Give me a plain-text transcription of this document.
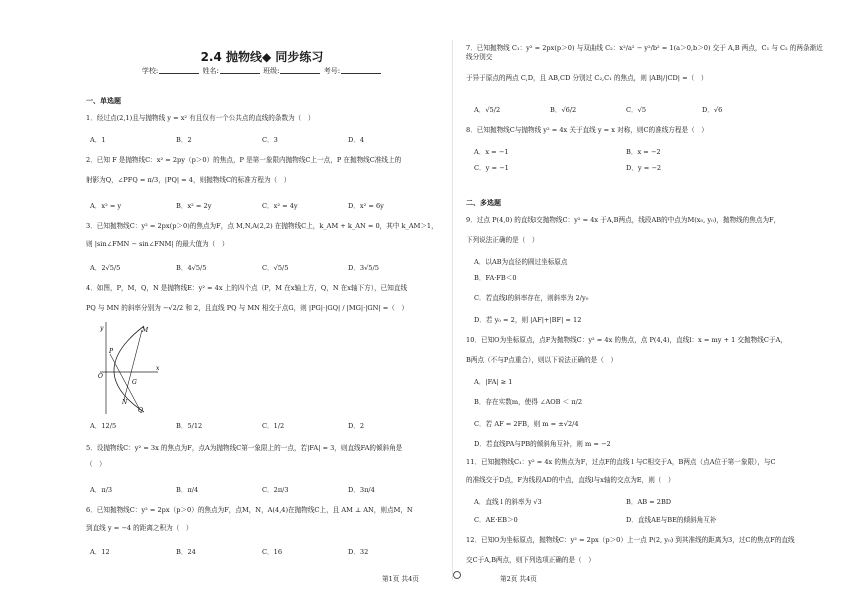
2.4 抛物线◆ 同步练习
学校:	姓名:	班级:	考号:
一、单选题
1．经过点(2,1)且与抛物线 y = x² 有且仅有一个公共点的直线的条数为（　）
A．1	B．2	C．3	D．4
2．已知 F 是抛物线C：x² = 2py（p＞0）的焦点，P 是第一象限内抛物线C上一点，P 在抛物线C准线上的
射影为Q，∠PFQ = π/3，|PQ| = 4，则抛物线C的标准方程为（　）
A．x² = y	B．x² = 2y	C．x² = 4y	D．x² = 6y
3．已知抛物线C：y² = 2px(p＞0)的焦点为F，点 M,N,A(2,2) 在抛物线C上，k_AM + k_AN = 0，其中 k_AM＞1，
则 |sin∠FMN − sin∠FNM| 的最大值为（　）
A．2√5/5	B．4√5/5	C．√5/5	D．3√5/5
4．如图，P，M，Q，N 是抛物线E：y² = 4x 上的四个点（P，M 在x轴上方，Q，N 在x轴下方），已知直线
PQ 与 MN 的斜率分别为 −√2/2 和 2，且直线 PQ 与 MN 相交于点G，则 |PG|·|GQ| / |MG|·|GN| =（　）
y	M
P
O
x
G
N
Q
A．12/5	B．5/12	C．1/2	D．2
5．设抛物线C：y² = 3x 的焦点为F，点A为抛物线C第一象限上的一点，若|FA| = 3，则直线FA的倾斜角是
（　）
A．π/3	B．π/4	C．2π/3	D．3π/4
6．已知抛物线C：y² = 2px（p＞0）的焦点为F，点M，N，A(4,4)在抛物线C上，且 AM ⊥ AN，则点M，N
到直线 y = −4 的距离之积为（　）
A．12	B．24	C．16	D．32
第1页 共4页
7．已知抛物线 C₁：y² = 2px(p＞0) 与双曲线 C₂：x²/a² − y²/b² = 1(a＞0,b＞0) 交于 A,B 两点，C₁ 与 C₂ 的两条渐近线分别交
于异于原点的两点 C,D，且 AB,CD 分别过 C₂,C₁ 的焦点，则 |AB|/|CD| =（　）
A．√5/2	B．√6/2	C．√5	D．√6
8．已知抛物线C与抛物线 y² = 4x 关于直线 y = x 对称，则C的准线方程是（　）
A．x = −1	B．x = −2
C．y = −1	D．y = −2
二、多选题
9．过点 P(4,0) 的直线l交抛物线C：y² = 4x 于A,B两点，线段AB的中点为M(x₀, y₀)，抛物线的焦点为F，
下列说法正确的是（　）
A．以AB为直径的圆过坐标原点
B．FA·FB＜0
C．若直线l的斜率存在，则斜率为 2/y₀
D．若 y₀ = 2，则 |AF|+|BF| = 12
10．已知O为坐标原点，点F为抛物线C：y² = 4x 的焦点，点 P(4,4)，直线l：x = my + 1 交抛物线C于A，
B两点（不与P点重合），则以下说法正确的是（　）
A．|FA| ≥ 1
B．存在实数m，使得 ∠AOB ＜ π/2
C．若 AF = 2FB，则 m = ±√2/4
D．若直线PA与PB的倾斜角互补，则 m = −2
11．已知抛物线C₁：y² = 4x 的焦点为F，过点F的直线 l 与C相交于A，B两点（点A位于第一象限），与C
的准线交于D点，F为线段AD的中点，直线l与x轴的交点为E，则（　）
A．直线 l 的斜率为 √3	B．AB = 2BD
C．AE·EB＞0	D．直线AE与BE的倾斜角互补
12．已知O为坐标原点，抛物线C：y² = 2px（p＞0）上一点 P(2, y₀) 到其准线的距离为3，过C的焦点F的直线
交C于A,B两点，则下列选项正确的是（　）
第2页 共4页
